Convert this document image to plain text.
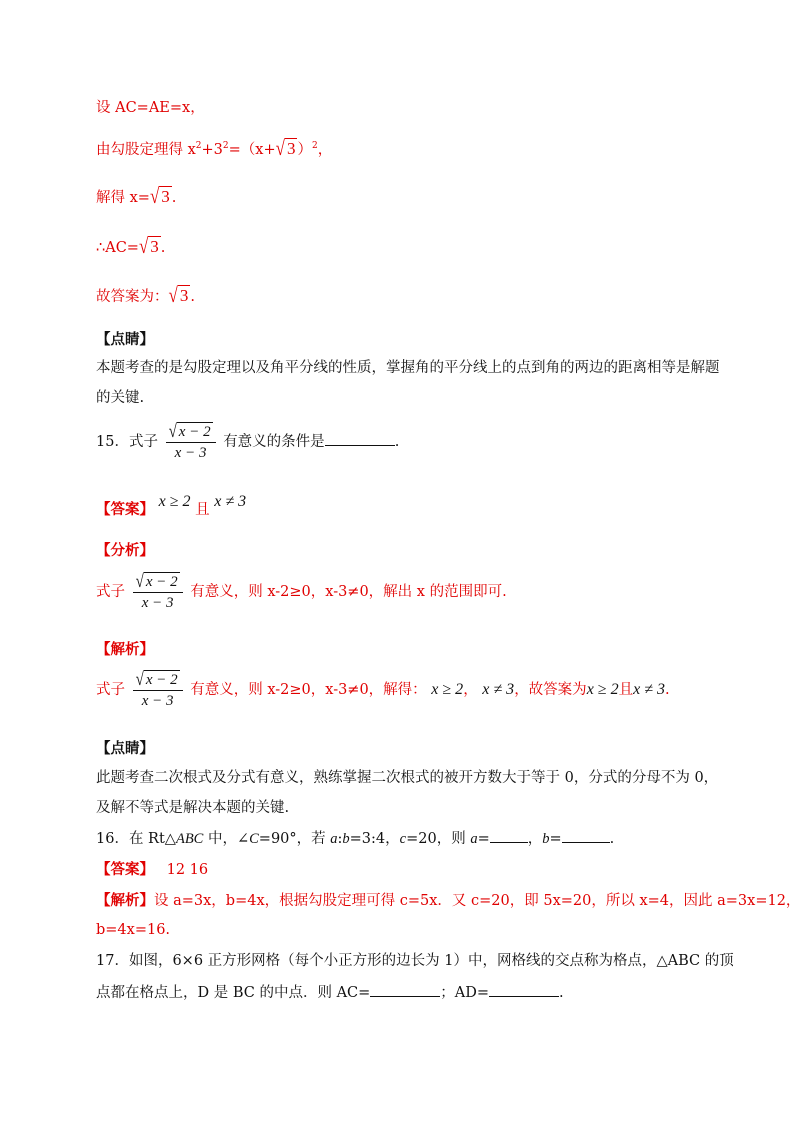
设 AC=AE=x，
由勾股定理得 $x^2+3^2=(x+√$ 3 ）$^2$，
解得 x=√ 3 .
∴AC=√ 3 .
故答案为：√ 3 .
【点睛】
本题考查的是勾股定理以及角平分线的性质，掌握角的平分线上的点到角的两边的距离相等是解题
的关键.
15．式子 $\frac{√ x - 2}{x - 3}$ 有意义的条件是	.
【答案】 x ≥ 2 且 x ≠ 3
【分析】
式子 $\frac{√ x - 2}{x - 3}$ 有意义，则 x-2≥0，x-3≠0，解出 x 的范围即可.
【解析】
式子 $\frac{√ x - 2}{x - 3}$ 有意义，则 x-2≥0，x-3≠0，解得： x ≥ 2， x ≠ 3，故答案为x ≥ 2且x ≠ 3.
【点睛】
此题考查二次根式及分式有意义，熟练掌握二次根式的被开方数大于等于 0，分式的分母不为 0，
及解不等式是解决本题的关键.
16．在 Rt△ABC 中，∠C=90°，若 a:b=3:4，c=20，则 a=	，b=	.
【答案】 12 16
【解析】设 a=3x，b=4x，根据勾股定理可得 c=5x．又 c=20，即 5x=20，所以 x=4，因此 a=3x=12，
b=4x=16.
17．如图，6×6 正方形网格（每个小正方形的边长为 1）中，网格线的交点称为格点，△ABC 的顶
点都在格点上，D 是 BC 的中点．则 AC=	；AD=	.
